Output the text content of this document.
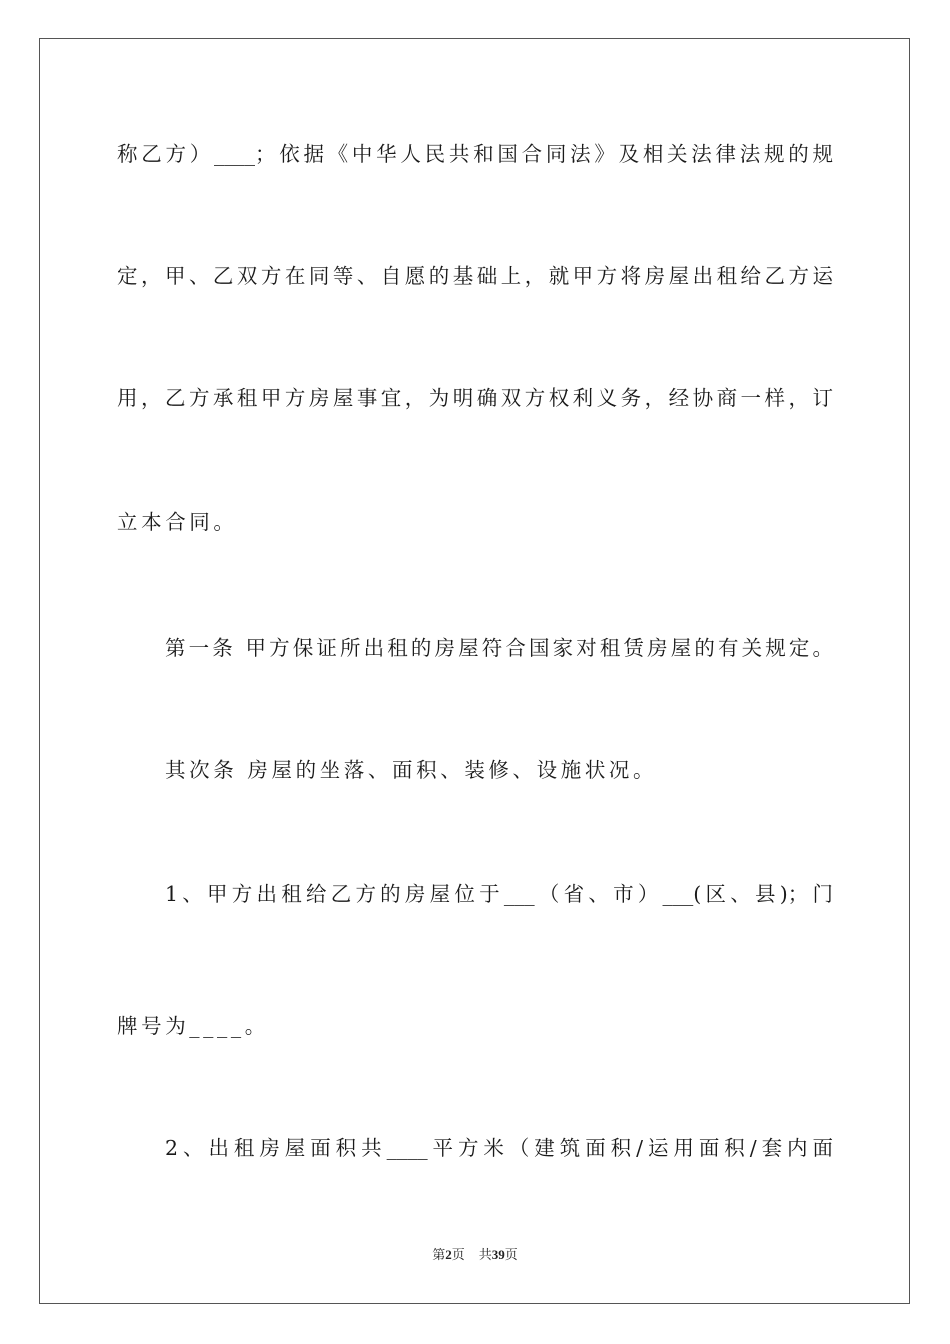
称乙方）____；依据《中华人民共和国合同法》及相关法律法规的规
定，甲、乙双方在同等、自愿的基础上，就甲方将房屋出租给乙方运
用，乙方承租甲方房屋事宜，为明确双方权利义务，经协商一样，订
立本合同。
第一条 甲方保证所出租的房屋符合国家对租赁房屋的有关规定。
其次条 房屋的坐落、面积、装修、设施状况。
1、甲方出租给乙方的房屋位于___（省、市）___(区、县)；门
牌号为____。
2、出租房屋面积共____平方米（建筑面积/运用面积/套内面
第2页 共39页
